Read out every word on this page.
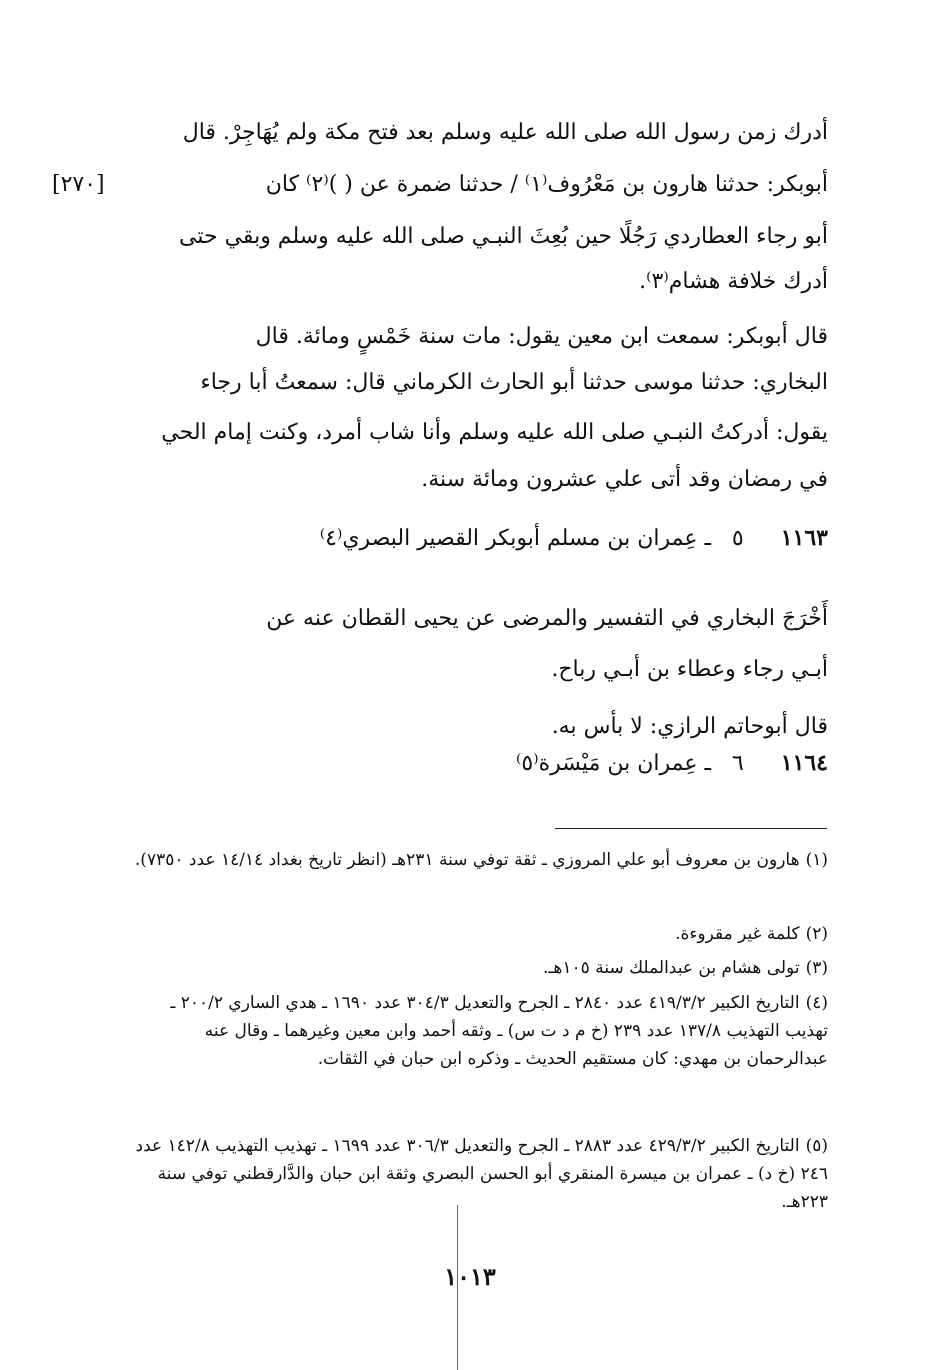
[٢٧٠]

أدرك زمن رسول الله صلى الله عليه وسلم بعد فتح مكة ولم يُهَاجِرْ. قال

أبوبكر: حدثنا هارون بن مَعْرُوف⁽١⁾ / حدثنا ضمرة عن ( )⁽٢⁾ كان

أبو رجاء العطاردي رَجُلًا حين بُعِثَ النبـي صلى الله عليه وسلم وبقي حتى

أدرك خلافة هشام⁽٣⁾.

قال أبوبكر: سمعت ابن معين يقول: مات سنة خَمْسٍ ومائة. قال

البخاري: حدثنا موسى حدثنا أبو الحارث الكرماني قال: سمعتُ أبا رجاء

يقول: أدركتُ النبـي صلى الله عليه وسلم وأنا شاب أمرد، وكنت إمام الحي

في رمضان وقد أتى علي عشرون ومائة سنة.

١١٦٣ ٥ ـ عِمران بن مسلم أبوبكر القصير البصري⁽٤⁾

أَخْرَجَ البخاري في التفسير والمرضى عن يحيى القطان عنه عن

أبـي رجاء وعطاء بن أبـي رباح.

قال أبوحاتم الرازي: لا بأس به.

١١٦٤ ٦ ـ عِمران بن مَيْسَرة⁽٥⁾
(١)هارون بن معروف أبو علي المروزي ـ ثقة توفي سنة ٢٣١هـ (انظر تاريخ بغداد ١٤/١٤ عدد ٧٣٥٠).
(٢)كلمة غير مقروءة.
(٣)تولى هشام بن عبدالملك سنة ١٠٥هـ.
(٤)التاريخ الكبير ٤١٩/٣/٢ عدد ٢٨٤٠ ـ الجرح والتعديل ٣٠٤/٣ عدد ١٦٩٠ ـ هدي الساري ٢٠٠/٢ ـ تهذيب التهذيب ١٣٧/٨ عدد ٢٣٩ (خ م د ت س) ـ وثقه أحمد وابن معين وغيرهما ـ وقال عنه عبدالرحمان بن مهدي: كان مستقيم الحديث ـ وذكره ابن حبان في الثقات.
(٥)التاريخ الكبير ٤٢٩/٣/٢ عدد ٢٨٨٣ ـ الجرح والتعديل ٣٠٦/٣ عدد ١٦٩٩ ـ تهذيب التهذيب ١٤٢/٨ عدد ٢٤٦ (خ د) ـ عمران بن ميسرة المنقري أبو الحسن البصري وثقة ابن حبان والدَّارقطني توفي سنة ٢٢٣هـ.
١٠١٣
